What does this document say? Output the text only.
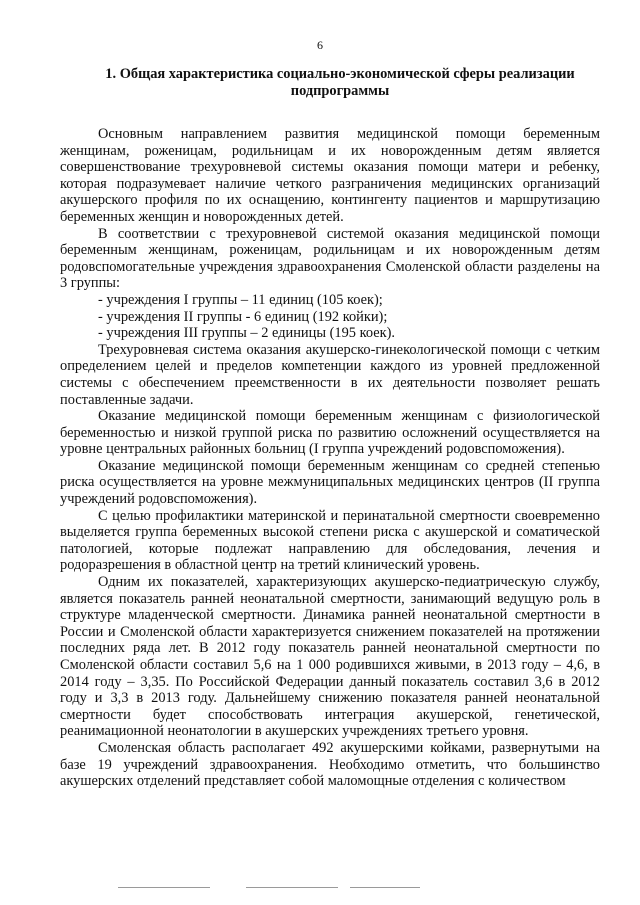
6
1. Общая характеристика социально-экономической сферы реализации подпрограммы

Основным направлением развития медицинской помощи беременным женщинам, роженицам, родильницам и их новорожденным детям является совершенствование трехуровневой системы оказания помощи матери и ребенку, которая подразумевает наличие четкого разграничения медицинских организаций акушерского профиля по их оснащению, контингенту пациентов и маршрутизацию беременных женщин и новорожденных детей.

В соответствии с трехуровневой системой оказания медицинской помощи беременным женщинам, роженицам, родильницам и их новорожденным детям родовспомогательные учреждения здравоохранения Смоленской области разделены на 3 группы:

- учреждения I группы – 11 единиц (105 коек);

- учреждения II группы - 6 единиц (192 койки);

- учреждения III группы – 2 единицы (195 коек).

Трехуровневая система оказания акушерско-гинекологической помощи с четким определением целей и пределов компетенции каждого из уровней предложенной системы с обеспечением преемственности в их деятельности позволяет решать поставленные задачи.

Оказание медицинской помощи беременным женщинам с физиологической беременностью и низкой группой риска по развитию осложнений осуществляется на уровне центральных районных больниц (I группа учреждений родовспоможения).

Оказание медицинской помощи беременным женщинам со средней степенью риска осуществляется на уровне межмуниципальных медицинских центров (II группа учреждений родовспоможения).

С целью профилактики материнской и перинатальной смертности своевременно выделяется группа беременных высокой степени риска с акушерской и соматической патологией, которые подлежат направлению для обследования, лечения и родоразрешения в областной центр на третий клинический уровень.

Одним их показателей, характеризующих акушерско-педиатрическую службу, является показатель ранней неонатальной смертности, занимающий ведущую роль в структуре младенческой смертности. Динамика ранней неонатальной смертности в России и Смоленской области характеризуется снижением показателей на протяжении последних ряда лет. В 2012 году показатель ранней неонатальной смертности по Смоленской области составил 5,6 на 1 000 родившихся живыми, в 2013 году – 4,6, в 2014 году – 3,35. По Российской Федерации данный показатель составил 3,6 в 2012 году и 3,3 в 2013 году. Дальнейшему снижению показателя ранней неонатальной смертности будет способствовать интеграция акушерской, генетической, реанимационной неонатологии в акушерских учреждениях третьего уровня.

Смоленская область располагает 492 акушерскими койками, развернутыми на базе 19 учреждений здравоохранения. Необходимо отметить, что большинство акушерских отделений представляет собой маломощные отделения с количеством
